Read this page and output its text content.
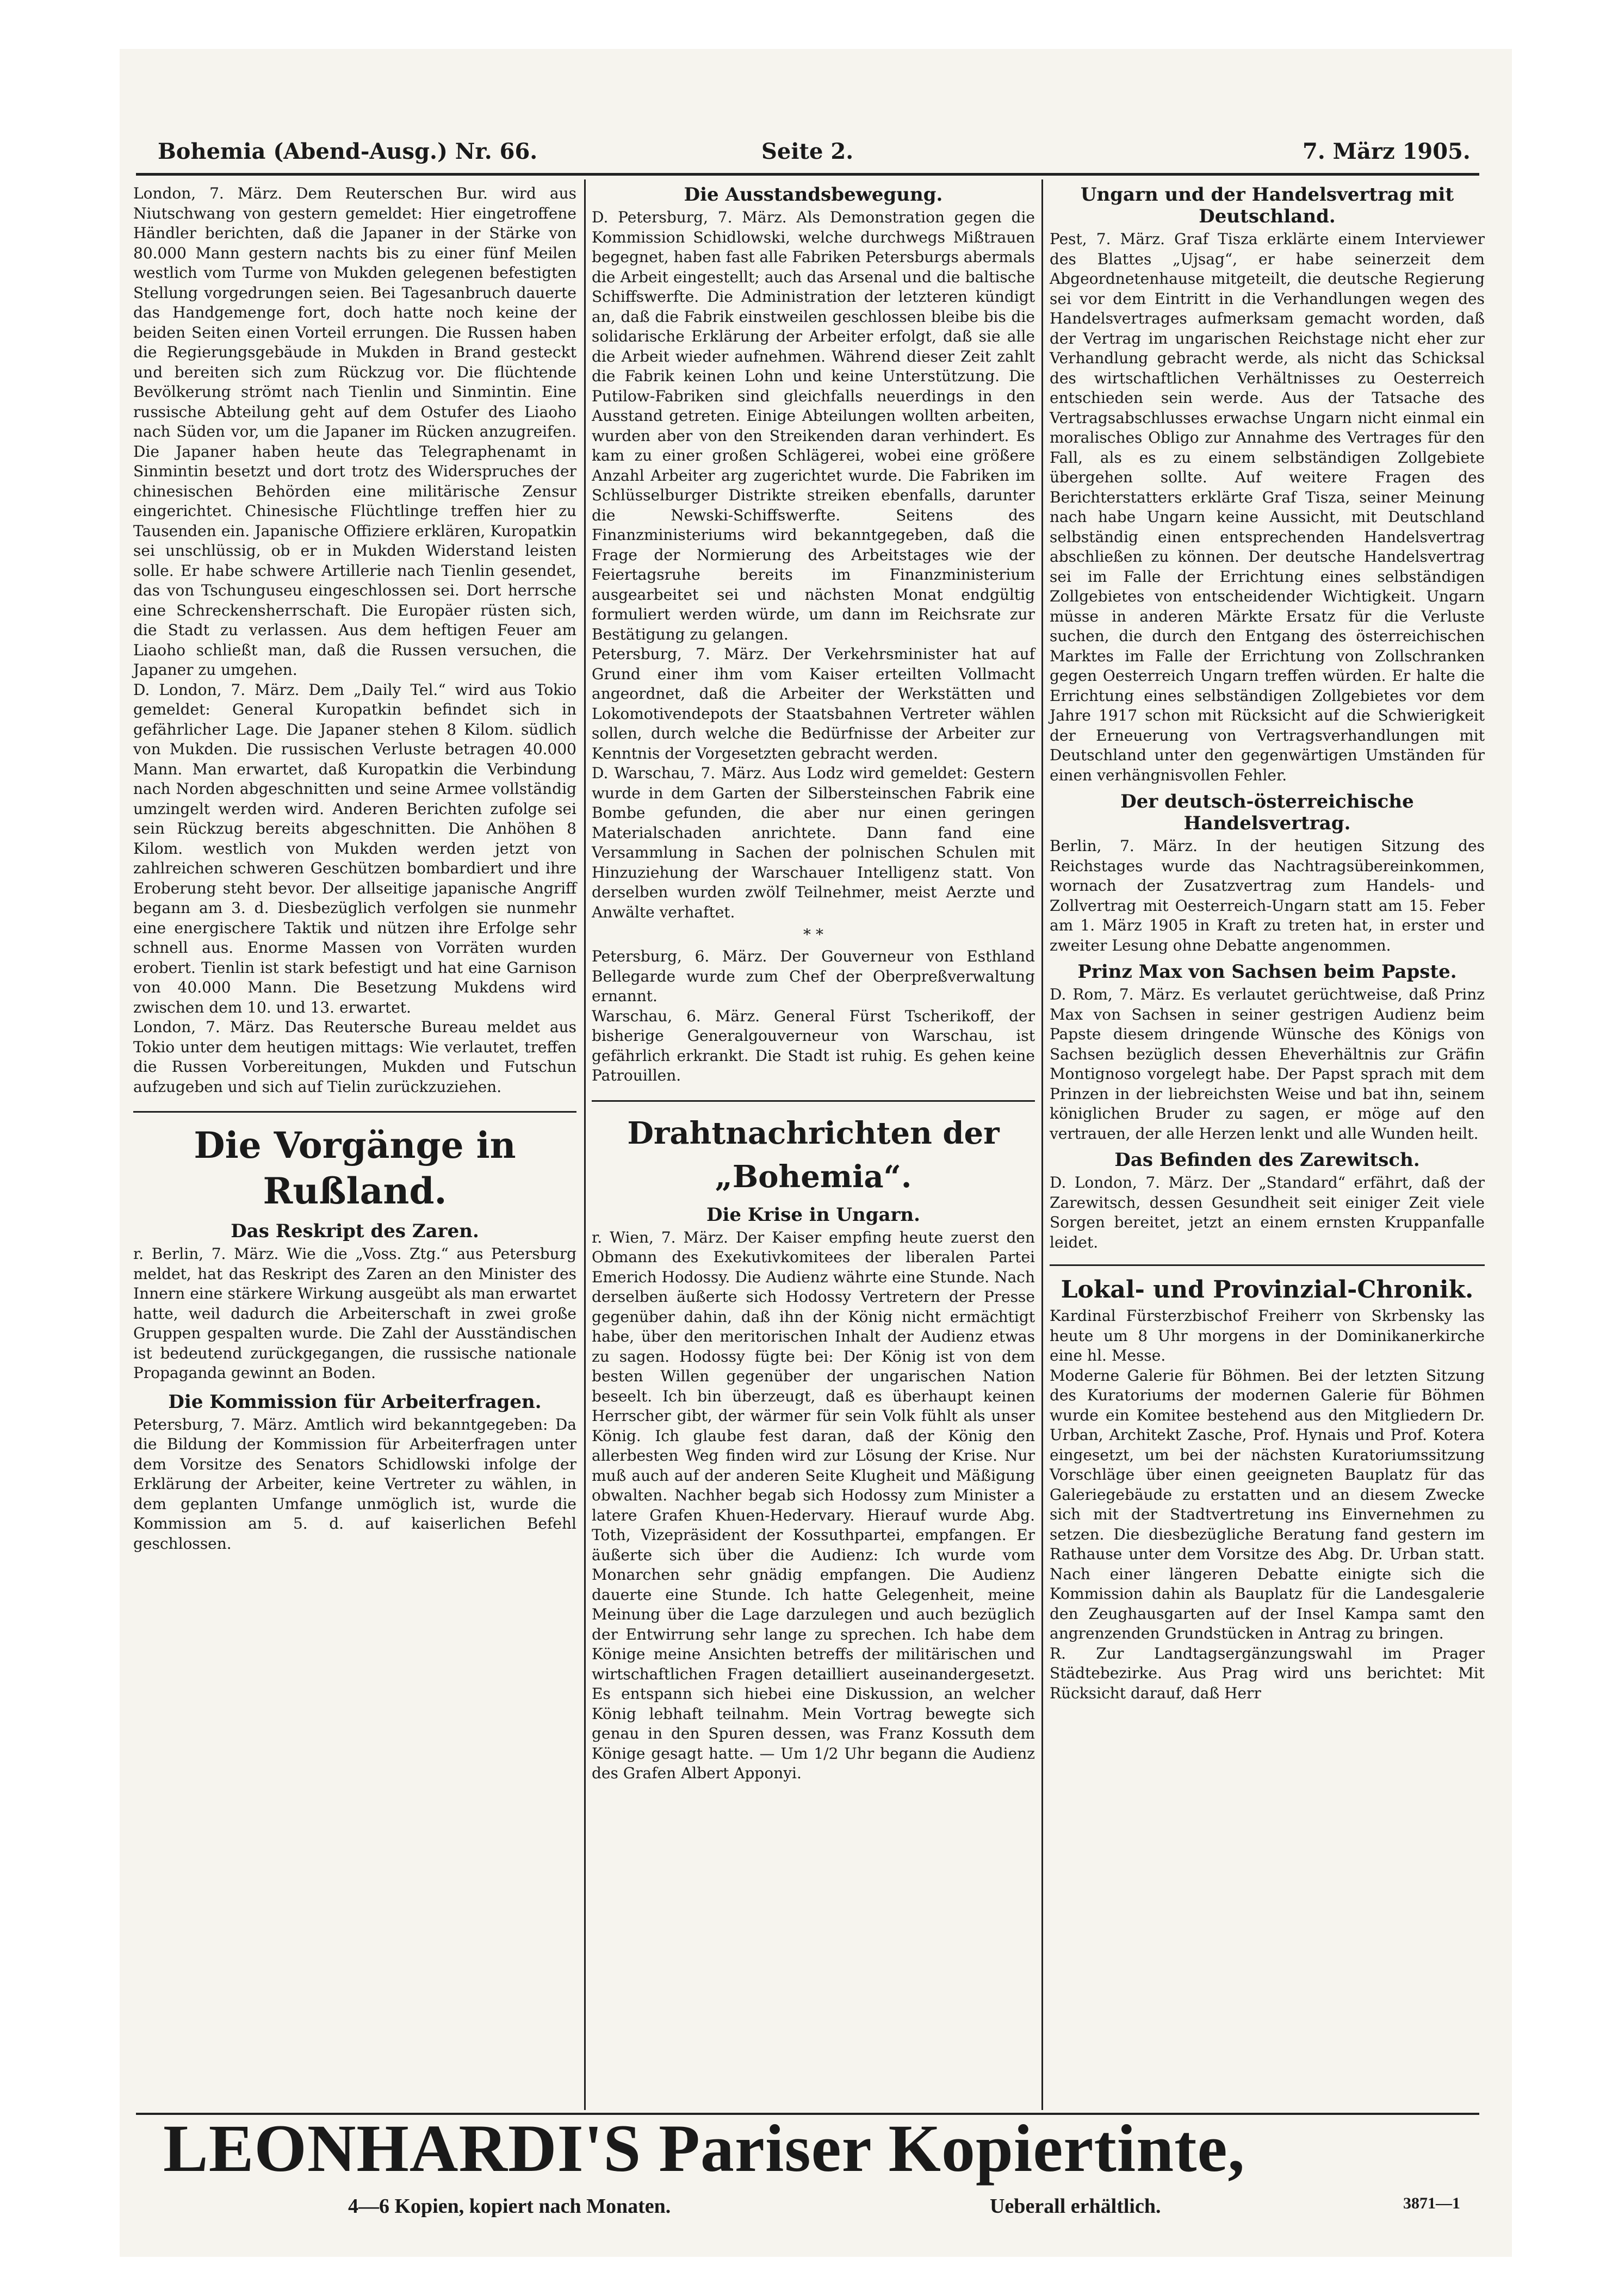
Bohemia (Abend-Ausg.) Nr. 66.	Seite 2.	7. März 1905.

London, 7. März. Dem Reuterschen Bur. wird aus Niutschwang von gestern gemeldet: Hier eingetroffene Händler berichten, daß die Japaner in der Stärke von 80.000 Mann gestern nachts bis zu einer fünf Meilen westlich vom Turme von Mukden gelegenen befestigten Stellung vorgedrungen seien. Bei Tagesanbruch dauerte das Handgemenge fort, doch hatte noch keine der beiden Seiten einen Vorteil errungen. Die Russen haben die Regierungsgebäude in Mukden in Brand gesteckt und bereiten sich zum Rückzug vor. Die flüchtende Bevölkerung strömt nach Tienlin und Sinmintin. Eine russische Abteilung geht auf dem Ostufer des Liaoho nach Süden vor, um die Japaner im Rücken anzugreifen. Die Japaner haben heute das Telegraphenamt in Sinmintin besetzt und dort trotz des Widerspruches der chinesischen Behörden eine militärische Zensur eingerichtet. Chinesische Flüchtlinge treffen hier zu Tausenden ein. Japanische Offiziere erklären, Kuropatkin sei unschlüssig, ob er in Mukden Widerstand leisten solle. Er habe schwere Artillerie nach Tienlin gesendet, das von Tschunguseu eingeschlossen sei. Dort herrsche eine Schreckensherrschaft. Die Europäer rüsten sich, die Stadt zu verlassen. Aus dem heftigen Feuer am Liaoho schließt man, daß die Russen versuchen, die Japaner zu umgehen.

D. London, 7. März. Dem „Daily Tel.“ wird aus Tokio gemeldet: General Kuropatkin befindet sich in gefährlicher Lage. Die Japaner stehen 8 Kilom. südlich von Mukden. Die russischen Verluste betragen 40.000 Mann. Man erwartet, daß Kuropatkin die Verbindung nach Norden abgeschnitten und seine Armee vollständig umzingelt werden wird. Anderen Berichten zufolge sei sein Rückzug bereits abgeschnitten. Die Anhöhen 8 Kilom. westlich von Mukden werden jetzt von zahlreichen schweren Geschützen bombardiert und ihre Eroberung steht bevor. Der allseitige japanische Angriff begann am 3. d. Diesbezüglich verfolgen sie nunmehr eine energischere Taktik und nützen ihre Erfolge sehr schnell aus. Enorme Massen von Vorräten wurden erobert. Tienlin ist stark befestigt und hat eine Garnison von 40.000 Mann. Die Besetzung Mukdens wird zwischen dem 10. und 13. erwartet.

London, 7. März. Das Reutersche Bureau meldet aus Tokio unter dem heutigen mittags: Wie verlautet, treffen die Russen Vorbereitungen, Mukden und Futschun aufzugeben und sich auf Tielin zurückzuziehen.

Die Vorgänge in Rußland.
Das Reskript des Zaren.

r. Berlin, 7. März. Wie die „Voss. Ztg.“ aus Petersburg meldet, hat das Reskript des Zaren an den Minister des Innern eine stärkere Wirkung ausgeübt als man erwartet hatte, weil dadurch die Arbeiterschaft in zwei große Gruppen gespalten wurde. Die Zahl der Ausständischen ist bedeutend zurückgegangen, die russische nationale Propaganda gewinnt an Boden.

Die Kommission für Arbeiterfragen.

Petersburg, 7. März. Amtlich wird bekanntgegeben: Da die Bildung der Kommission für Arbeiterfragen unter dem Vorsitze des Senators Schidlowski infolge der Erklärung der Arbeiter, keine Vertreter zu wählen, in dem geplanten Umfange unmöglich ist, wurde die Kommission am 5. d. auf kaiserlichen Befehl geschlossen.

Die Ausstandsbewegung.

D. Petersburg, 7. März. Als Demonstration gegen die Kommission Schidlowski, welche durchwegs Mißtrauen begegnet, haben fast alle Fabriken Petersburgs abermals die Arbeit eingestellt; auch das Arsenal und die baltische Schiffswerfte. Die Administration der letzteren kündigt an, daß die Fabrik einstweilen geschlossen bleibe bis die solidarische Erklärung der Arbeiter erfolgt, daß sie alle die Arbeit wieder aufnehmen. Während dieser Zeit zahlt die Fabrik keinen Lohn und keine Unterstützung. Die Putilow-Fabriken sind gleichfalls neuerdings in den Ausstand getreten. Einige Abteilungen wollten arbeiten, wurden aber von den Streikenden daran verhindert. Es kam zu einer großen Schlägerei, wobei eine größere Anzahl Arbeiter arg zugerichtet wurde. Die Fabriken im Schlüsselburger Distrikte streiken ebenfalls, darunter die Newski-Schiffswerfte. Seitens des Finanzministeriums wird bekanntgegeben, daß die Frage der Normierung des Arbeitstages wie der Feiertagsruhe bereits im Finanzministerium ausgearbeitet sei und nächsten Monat endgültig formuliert werden würde, um dann im Reichsrate zur Bestätigung zu gelangen.

Petersburg, 7. März. Der Verkehrsminister hat auf Grund einer ihm vom Kaiser erteilten Vollmacht angeordnet, daß die Arbeiter der Werkstätten und Lokomotivendepots der Staatsbahnen Vertreter wählen sollen, durch welche die Bedürfnisse der Arbeiter zur Kenntnis der Vorgesetzten gebracht werden.

D. Warschau, 7. März. Aus Lodz wird gemeldet: Gestern wurde in dem Garten der Silbersteinschen Fabrik eine Bombe gefunden, die aber nur einen geringen Materialschaden anrichtete. Dann fand eine Versammlung in Sachen der polnischen Schulen mit Hinzuziehung der Warschauer Intelligenz statt. Von derselben wurden zwölf Teilnehmer, meist Aerzte und Anwälte verhaftet.

* *

Petersburg, 6. März. Der Gouverneur von Esthland Bellegarde wurde zum Chef der Oberpreßverwaltung ernannt.

Warschau, 6. März. General Fürst Tscherikoff, der bisherige Generalgouverneur von Warschau, ist gefährlich erkrankt. Die Stadt ist ruhig. Es gehen keine Patrouillen.

Drahtnachrichten der „Bohemia“.
Die Krise in Ungarn.

r. Wien, 7. März. Der Kaiser empfing heute zuerst den Obmann des Exekutivkomitees der liberalen Partei Emerich Hodossy. Die Audienz währte eine Stunde. Nach derselben äußerte sich Hodossy Vertretern der Presse gegenüber dahin, daß ihn der König nicht ermächtigt habe, über den meritorischen Inhalt der Audienz etwas zu sagen. Hodossy fügte bei: Der König ist von dem besten Willen gegenüber der ungarischen Nation beseelt. Ich bin überzeugt, daß es überhaupt keinen Herrscher gibt, der wärmer für sein Volk fühlt als unser König. Ich glaube fest daran, daß der König den allerbesten Weg finden wird zur Lösung der Krise. Nur muß auch auf der anderen Seite Klugheit und Mäßigung obwalten. Nachher begab sich Hodossy zum Minister a latere Grafen Khuen-Hedervary. Hierauf wurde Abg. Toth, Vizepräsident der Kossuthpartei, empfangen. Er äußerte sich über die Audienz: Ich wurde vom Monarchen sehr gnädig empfangen. Die Audienz dauerte eine Stunde. Ich hatte Gelegenheit, meine Meinung über die Lage darzulegen und auch bezüglich der Entwirrung sehr lange zu sprechen. Ich habe dem Könige meine Ansichten betreffs der militärischen und wirtschaftlichen Fragen detailliert auseinandergesetzt. Es entspann sich hiebei eine Diskussion, an welcher König lebhaft teilnahm. Mein Vortrag bewegte sich genau in den Spuren dessen, was Franz Kossuth dem Könige gesagt hatte. — Um 1/2 Uhr begann die Audienz des Grafen Albert Apponyi.

Ungarn und der Handelsvertrag mit Deutschland.

Pest, 7. März. Graf Tisza erklärte einem Interviewer des Blattes „Ujsag“, er habe seinerzeit dem Abgeordnetenhause mitgeteilt, die deutsche Regierung sei vor dem Eintritt in die Verhandlungen wegen des Handelsvertrages aufmerksam gemacht worden, daß der Vertrag im ungarischen Reichstage nicht eher zur Verhandlung gebracht werde, als nicht das Schicksal des wirtschaftlichen Verhältnisses zu Oesterreich entschieden sein werde. Aus der Tatsache des Vertragsabschlusses erwachse Ungarn nicht einmal ein moralisches Obligo zur Annahme des Vertrages für den Fall, als es zu einem selbständigen Zollgebiete übergehen sollte. Auf weitere Fragen des Berichterstatters erklärte Graf Tisza, seiner Meinung nach habe Ungarn keine Aussicht, mit Deutschland selbständig einen entsprechenden Handelsvertrag abschließen zu können. Der deutsche Handelsvertrag sei im Falle der Errichtung eines selbständigen Zollgebietes von entscheidender Wichtigkeit. Ungarn müsse in anderen Märkte Ersatz für die Verluste suchen, die durch den Entgang des österreichischen Marktes im Falle der Errichtung von Zollschranken gegen Oesterreich Ungarn treffen würden. Er halte die Errichtung eines selbständigen Zollgebietes vor dem Jahre 1917 schon mit Rücksicht auf die Schwierigkeit der Erneuerung von Vertragsverhandlungen mit Deutschland unter den gegenwärtigen Umständen für einen verhängnisvollen Fehler.

Der deutsch-österreichische Handelsvertrag.

Berlin, 7. März. In der heutigen Sitzung des Reichstages wurde das Nachtragsübereinkommen, wornach der Zusatzvertrag zum Handels- und Zollvertrag mit Oesterreich-Ungarn statt am 15. Feber am 1. März 1905 in Kraft zu treten hat, in erster und zweiter Lesung ohne Debatte angenommen.

Prinz Max von Sachsen beim Papste.

D. Rom, 7. März. Es verlautet gerüchtweise, daß Prinz Max von Sachsen in seiner gestrigen Audienz beim Papste diesem dringende Wünsche des Königs von Sachsen bezüglich dessen Eheverhältnis zur Gräfin Montignoso vorgelegt habe. Der Papst sprach mit dem Prinzen in der liebreichsten Weise und bat ihn, seinem königlichen Bruder zu sagen, er möge auf den vertrauen, der alle Herzen lenkt und alle Wunden heilt.

Das Befinden des Zarewitsch.

D. London, 7. März. Der „Standard“ erfährt, daß der Zarewitsch, dessen Gesundheit seit einiger Zeit viele Sorgen bereitet, jetzt an einem ernsten Kruppanfalle leidet.

Lokal- und Provinzial-Chronik.

Kardinal Fürsterzbischof Freiherr von Skrbensky las heute um 8 Uhr morgens in der Dominikanerkirche eine hl. Messe.

Moderne Galerie für Böhmen. Bei der letzten Sitzung des Kuratoriums der modernen Galerie für Böhmen wurde ein Komitee bestehend aus den Mitgliedern Dr. Urban, Architekt Zasche, Prof. Hynais und Prof. Kotera eingesetzt, um bei der nächsten Kuratoriumssitzung Vorschläge über einen geeigneten Bauplatz für das Galeriegebäude zu erstatten und an diesem Zwecke sich mit der Stadtvertretung ins Einvernehmen zu setzen. Die diesbezügliche Beratung fand gestern im Rathause unter dem Vorsitze des Abg. Dr. Urban statt. Nach einer längeren Debatte einigte sich die Kommission dahin als Bauplatz für die Landesgalerie den Zeughausgarten auf der Insel Kampa samt den angrenzenden Grundstücken in Antrag zu bringen.

R. Zur Landtagsergänzungswahl im Prager Städtebezirke. Aus Prag wird uns berichtet: Mit Rücksicht darauf, daß Herr

LEONHARDI'S Pariser Kopiertinte,
4—6 Kopien, kopiert nach Monaten.	Ueberall erhältlich.	3871—1
